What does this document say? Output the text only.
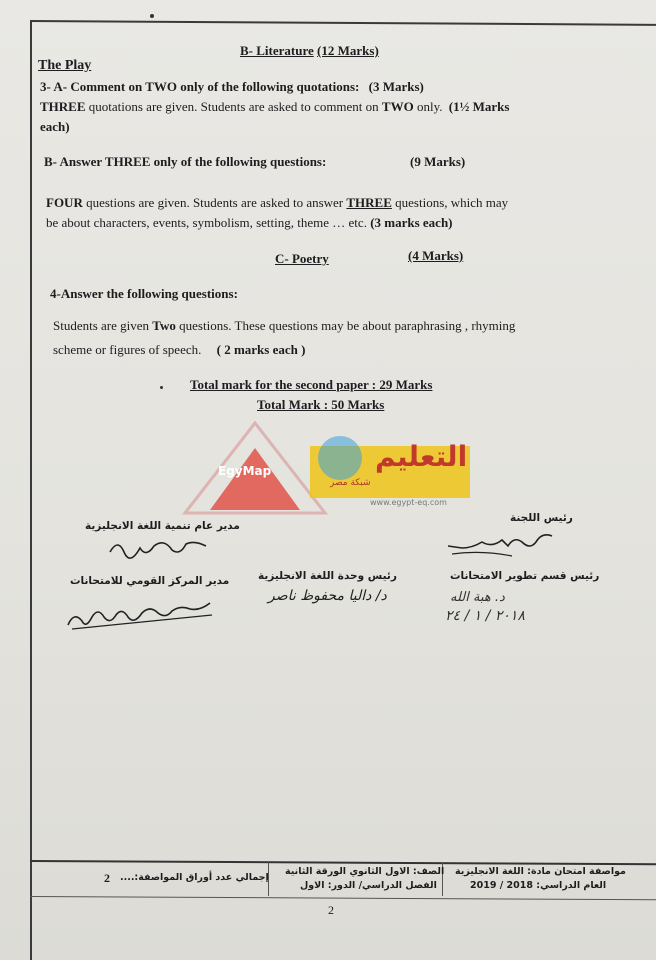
B- Literature (12 Marks)
The Play
3- A- Comment on TWO only of the following quotations: (3 Marks)
THREE quotations are given. Students are asked to comment on TWO only. (1½ Marks
each)
B- Answer THREE only of the following questions:	(9 Marks)
FOUR questions are given. Students are asked to answer THREE questions, which may
be about characters, events, symbolism, setting, theme … etc. (3 marks each)
C- Poetry	(4 Marks)
4-Answer the following questions:
Students are given Two questions. These questions may be about paraphrasing , rhyming
scheme or figures of speech. ( 2 marks each )
Total mark for the second paper : 29 Marks
Total Mark : 50 Marks
EgyMap	التعليم
شبكة مصر
www.egypt-eq.com
رئيس اللجنة
مدير عام تنمية اللغة الانجليزية
رئيس قسم تطوير الامتحانات
رئيس وحدة اللغة الانجليزية
مدير المركز القومي للامتحانات
د/ دالیا محفوظ ناصر	د. هبة الله
٢٠١٨ / ١ / ٢٤
مواصفة امتحان مادة: اللغة الانجليزية
العام الدراسي: 2018 / 2019
الصف: الاول الثانوي الورقة الثانية
الفصل الدراسي/ الدور: الاول
إجمالي عدد أوراق المواصفة:....
2
2
